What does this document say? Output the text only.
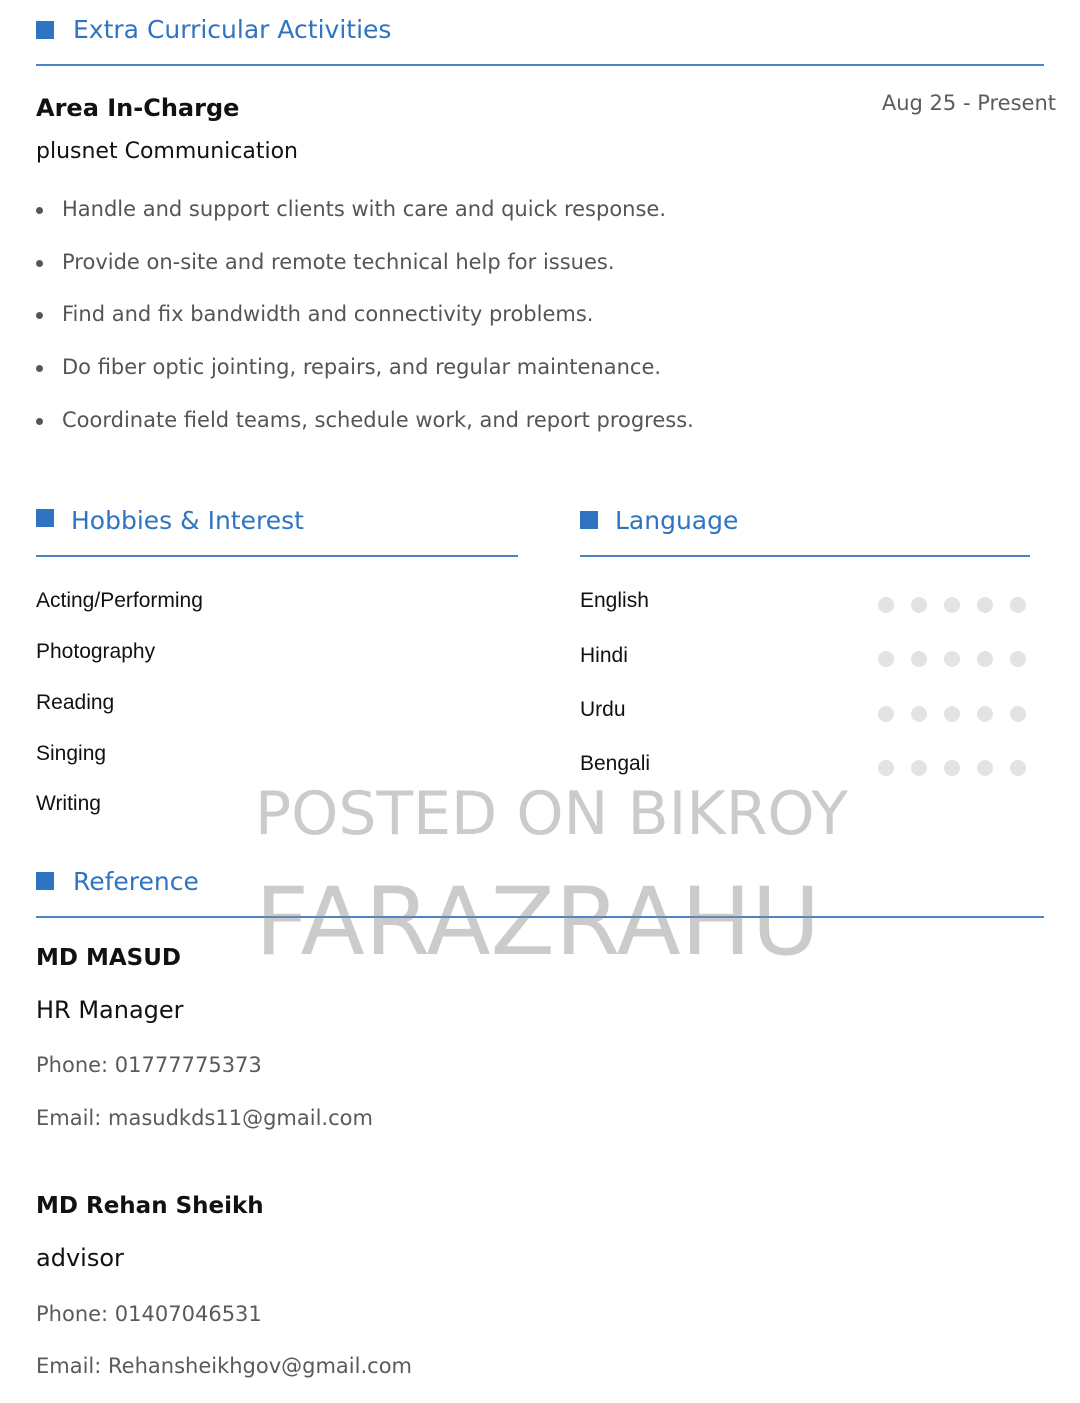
Extra Curricular Activities
Area In-Charge	Aug 25 - Present
plusnet Communication
Handle and support clients with care and quick response.
Provide on-site and remote technical help for issues.
Find and fix bandwidth and connectivity problems.
Do fiber optic jointing, repairs, and regular maintenance.
Coordinate field teams, schedule work, and report progress.
Hobbies & Interest	Language
Acting/Performing
Photography
Reading
Singing
Writing
English
Hindi
Urdu
Bengali
Reference
MD MASUD
HR Manager
Phone: 01777775373
Email: masudkds11@gmail.com
MD Rehan Sheikh
advisor
Phone: 01407046531
Email: Rehansheikhgov@gmail.com
POSTED ON BIKROY
FARAZRAHU
